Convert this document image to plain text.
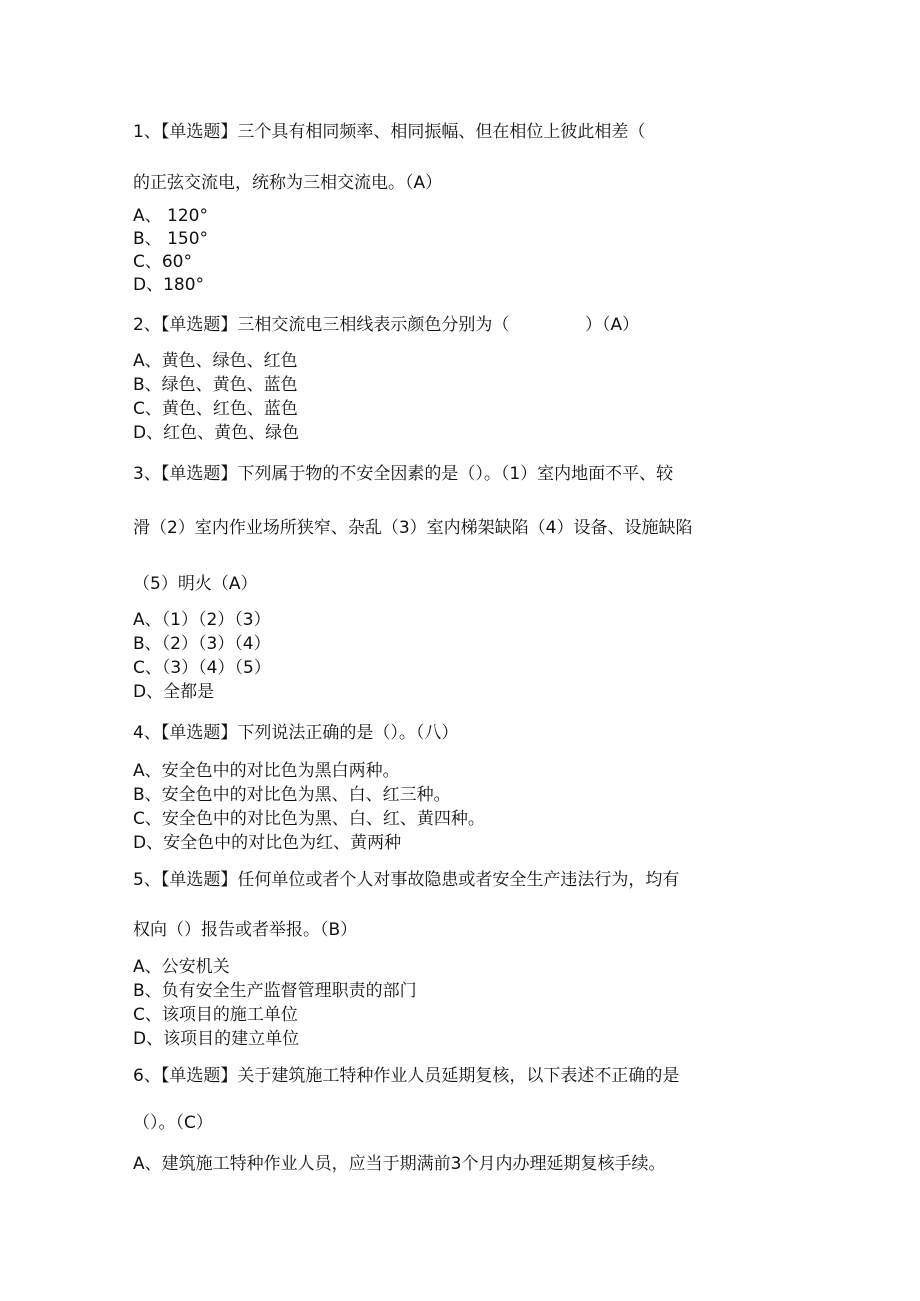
1、【单选题】三个具有相同频率、相同振幅、但在相位上彼此相差（
的正弦交流电，统称为三相交流电。（A）
A、 120°
B、 150°
C、60°
D、180°
2、【单选题】三相交流电三相线表示颜色分别为（              ）（A）
A、黄色、绿色、红色
B、绿色、黄色、蓝色
C、黄色、红色、蓝色
D、红色、黄色、绿色
3、【单选题】下列属于物的不安全因素的是（）。（1）室内地面不平、较
滑（2）室内作业场所狭窄、杂乱（3）室内梯架缺陷（4）设备、设施缺陷
（5）明火（A）
A、（1）（2）（3）
B、（2）（3）（4）
C、（3）（4）（5）
D、全都是
4、【单选题】下列说法正确的是（）。（八）
A、安全色中的对比色为黑白两种。
B、安全色中的对比色为黑、白、红三种。
C、安全色中的对比色为黑、白、红、黄四种。
D、安全色中的对比色为红、黄两种
5、【单选题】任何单位或者个人对事故隐患或者安全生产违法行为，均有
权向（）报告或者举报。（B）
A、公安机关
B、负有安全生产监督管理职责的部门
C、该项目的施工单位
D、该项目的建立单位
6、【单选题】关于建筑施工特种作业人员延期复核，以下表述不正确的是
（）。（C）
A、建筑施工特种作业人员，应当于期满前3个月内办理延期复核手续。
